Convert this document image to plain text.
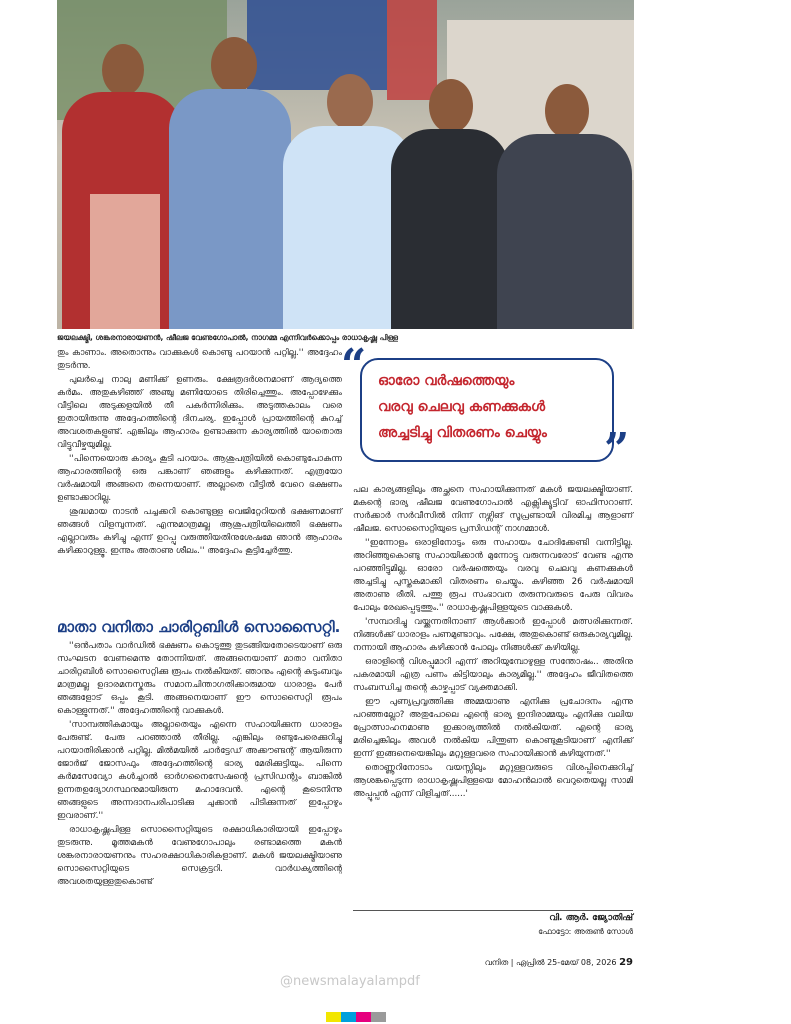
ജയലക്ഷ്മി, ശങ്കരനാരായണൻ, ഷീലജ വേണുഗോപാൽ, നാഗമ്മ എന്നിവർക്കൊപ്പം രാധാകൃഷ്ണ പിള്ള

തും കാണാം. അതൊന്നും വാക്കുകൾ കൊണ്ടു പറയാൻ പറ്റില്ല.'' അദ്ദേഹം തുടർന്നു.

പുലർച്ചെ നാലു മണിക്ക് ഉണരും. ക്ഷേത്രദർശനമാണ് ആദ്യത്തെ കർമം. അതുകഴിഞ്ഞ് അഞ്ചു മണിയോടെ തിരിച്ചെത്തും. അപ്പോഴേക്കും വീട്ടിലെ അടുക്കളയിൽ തീ പകർന്നിരിക്കും. അടുത്തകാലം വരെ ഇതായിരുന്നു അദ്ദേഹത്തിന്റെ ദിനചര്യ. ഇപ്പോൾ പ്രായത്തിന്റെ കുറച്ച് അവശതകളുണ്ട്. എങ്കിലും ആഹാരം ഉണ്ടാക്കുന്ന കാര്യത്തിൽ യാതൊരു വിട്ടുവീഴ്ചയുമില്ല.

''പിന്നെയൊരു കാര്യം കൂടി പറയാം. ആശുപത്രിയിൽ കൊണ്ടുപോകുന്ന ആഹാരത്തിന്റെ ഒരു പങ്കാണ് ഞങ്ങളും കഴിക്കുന്നത്. എത്രയോ വർഷമായി അങ്ങനെ തന്നെയാണ്. അല്ലാതെ വീട്ടിൽ വേറെ ഭക്ഷണം ഉണ്ടാക്കാറില്ല.

ശുദ്ധമായ നാടൻ പച്ചക്കറി കൊണ്ടുള്ള വെജിറ്റേറിയൻ ഭക്ഷണമാണ് ഞങ്ങൾ വിളമ്പുന്നത്. എന്നുമാത്രമല്ല ആശുപത്രിയിലെത്തി ഭക്ഷണം എല്ലാവരും കഴിച്ചു എന്ന് ഉറപ്പു വരുത്തിയതിനുശേഷമേ ഞാൻ ആഹാരം കഴിക്കാറുള്ളൂ. ഇന്നും അതാണു ശീലം.'' അദ്ദേഹം കൂട്ടിച്ചേർത്തു.

മാതാ വനിതാ ചാരിറ്റബിൾ സൊസൈറ്റി.

''ഒൻപതാം വാർഡിൽ ഭക്ഷണം കൊടുത്തു തുടങ്ങിയതോടെയാണ് ഒരു സംഘടന വേണമെന്നു തോന്നിയത്. അങ്ങനെയാണ് മാതാ വനിതാ ചാരിറ്റബിൾ സൊസൈറ്റിക്കു രൂപം നൽകിയത്. ഞാനും എന്റെ കുടുംബവും മാത്രമല്ല ഉദാരമനസ്കരും സമാനചിന്താഗതിക്കാരുമായ ധാരാളം പേർ ഞങ്ങളോട് ഒപ്പം കൂടി. അങ്ങനെയാണ് ഈ സൊസൈറ്റി രൂപം കൊള്ളുന്നത്.'' അദ്ദേഹത്തിന്റെ വാക്കുകൾ.

'സാമ്പത്തികമായും അല്ലാതെയും എന്നെ സഹായിക്കുന്ന ധാരാളം പേരുണ്ട്. പേരു പറഞ്ഞാൽ തീരില്ല. എങ്കിലും രണ്ടുപേരെക്കുറിച്ചു പറയാതിരിക്കാൻ പറ്റില്ല. മിൽമയിൽ ചാർട്ടേഡ് അക്കൗണ്ടന്റ് ആയിരുന്ന ജോർജ് ജോസഫും അദ്ദേഹത്തിന്റെ ഭാര്യ മേരിക്കുട്ടിയും. പിന്നെ കർമസേവ്യോ കൾച്ചറൽ ഓർഗനൈസേഷന്റെ പ്രസിഡന്റും ബാങ്കിൽ ഉന്നതഉദ്യോഗസ്ഥനുമായിരുന്ന മഹാദേവൻ. എന്റെ കൂടെനിന്നു ഞങ്ങളുടെ അന്നദാനപരിപാടിക്കു ചുക്കാൻ പിടിക്കുന്നത് ഇപ്പോഴും ഇവരാണ്.''

രാധാകൃഷ്ണപിള്ള സൊസൈറ്റിയുടെ രക്ഷാധികാരിയായി ഇപ്പോഴും തുടരുന്നു. മൂത്തമകൻ വേണുഗോപാലും രണ്ടാമത്തെ മകൻ ശങ്കരനാരായണനും സഹരക്ഷാധികാരികളാണ്. മകൾ ജയലക്ഷ്മിയാണു സൊസൈറ്റിയുടെ സെക്രട്ടറി. വാർധക്യത്തിന്റെ അവശതയുള്ളതുകൊണ്ട്

“
”
ഓരോ വർഷത്തെയും
വരവു ചെലവു കണക്കുകൾ
അച്ചടിച്ചു വിതരണം ചെയ്യും

പല കാര്യങ്ങളിലും അച്ഛനെ സഹായിക്കുന്നത് മകൾ ജയലക്ഷ്മിയാണ്. മകന്റെ ഭാര്യ ഷീലജ വേണുഗോപാൽ എക്സിക്യൂട്ടിവ് ഓഫിസറാണ്. സർക്കാർ സർവീസിൽ നിന്ന് നഴ്സിങ് സൂപ്രണ്ടായി വിരമിച്ച ആളാണ് ഷീലജ. സൊസൈറ്റിയുടെ പ്രസിഡന്റ് നാഗമ്മാൾ.

''ഇന്നോളം ഒരാളിനോടും ഒരു സഹായം ചോദിക്കേണ്ടി വന്നിട്ടില്ല. അറിഞ്ഞുകൊണ്ടു സഹായിക്കാൻ മുന്നോട്ടു വരുന്നവരോട് വേണ്ട എന്നു പറഞ്ഞിട്ടുമില്ല. ഓരോ വർഷത്തെയും വരവു ചെലവു കണക്കുകൾ അച്ചടിച്ചു പുസ്തകമാക്കി വിതരണം ചെയ്യും. കഴിഞ്ഞ 26 വർഷമായി അതാണു രീതി. പത്തു രൂപ സംഭാവന തരുന്നവരുടെ പേരു വിവരം പോലും രേഖപ്പെടുത്തും.'' രാധാകൃഷ്ണപിള്ളയുടെ വാക്കുകൾ.

'സമ്പാദിച്ചു വയ്ക്കുന്നതിനാണ് ആൾക്കാർ ഇപ്പോൾ മത്സരിക്കുന്നത്. നിങ്ങൾക്ക് ധാരാളം പണമുണ്ടാവും. പക്ഷേ, അതുകൊണ്ട് ഒരുകാര്യവുമില്ല. നന്നായി ആഹാരം കഴിക്കാൻ പോലും നിങ്ങൾക്ക് കഴിയില്ല.

ഒരാളിന്റെ വിശപ്പുമാറി എന്ന് അറിയുമ്പോഴുള്ള സന്തോഷം.. അതിനു പകരമായി എത്ര പണം കിട്ടിയാലും കാര്യമില്ല.'' അദ്ദേഹം ജീവിതത്തെ സംബന്ധിച്ച തന്റെ കാഴ്ചപ്പാട് വ്യക്തമാക്കി.

ഈ പുണ്യപ്രവൃത്തിക്കു അമ്മയാണു എനിക്കു പ്രചോദനം എന്നു പറഞ്ഞല്ലോ? അതുപോലെ എന്റെ ഭാര്യ ഇന്ദിരാമ്മയും എനിക്കു വലിയ പ്രോത്സാഹനമാണു ഇക്കാര്യത്തിൽ നൽകിയത്. എന്റെ ഭാര്യ മരിച്ചെങ്കിലും അവൾ നൽകിയ പിന്തുണ കൊണ്ടുകൂടിയാണ് എനിക്ക് ഇന്ന് ഇങ്ങനെയെങ്കിലും മറ്റുള്ളവരെ സഹായിക്കാൻ കഴിയുന്നത്.''

തൊണ്ണൂറിനോടാം വയസ്സിലും മറ്റുള്ളവരുടെ വിശപ്പിനെക്കുറിച്ച് ആശങ്കപ്പെടുന്ന രാധാകൃഷ്ണപിള്ളയെ മോഹൻലാൽ വെറുതെയല്ല സാമി അപ്പൂപ്പൻ എന്ന് വിളിച്ചത്......'

വി. ആർ. ജ്യോതിഷ്
ഫോട്ടോ: അരുൺ സോൾ
വനിത | ഏപ്രിൽ 25-മേയ് 08, 2026 29
@newsmalayalampdf
